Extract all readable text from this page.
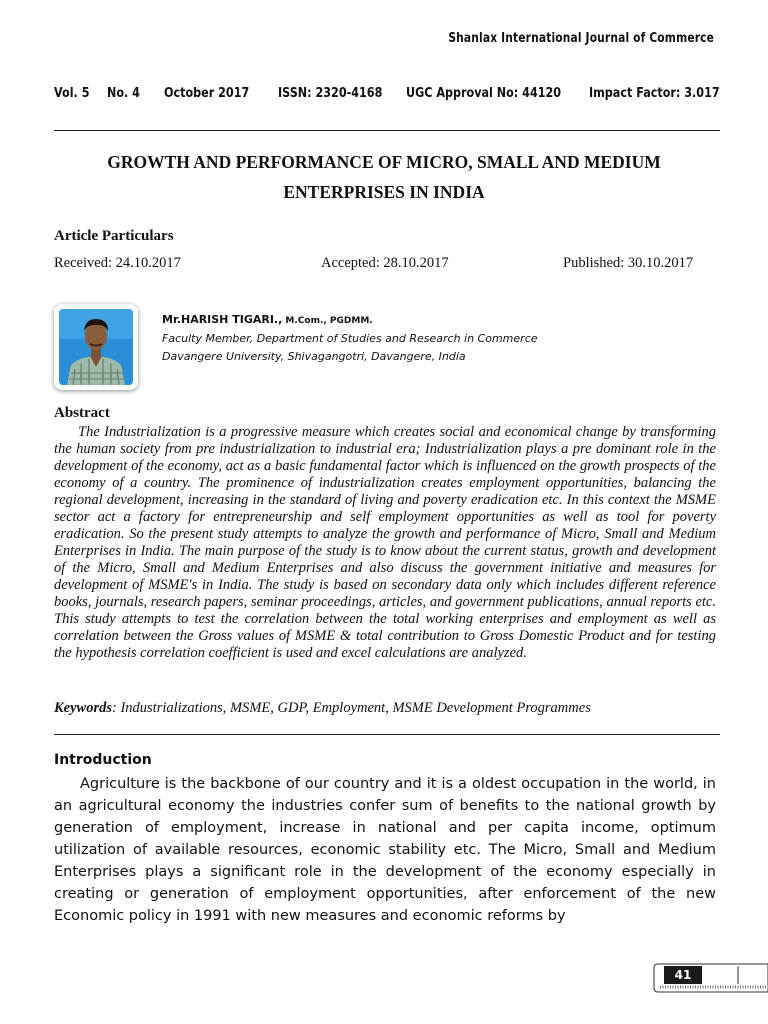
Shanlax International Journal of Commerce
Vol. 5 No. 4 October 2017 ISSN: 2320-4168 UGC Approval No: 44120 Impact Factor: 3.017
GROWTH AND PERFORMANCE OF MICRO, SMALL AND MEDIUM
ENTERPRISES IN INDIA
Article Particulars
Received: 24.10.2017	Accepted: 28.10.2017	Published: 30.10.2017
Mr.HARISH TIGARI., M.Com., PGDMM.
Faculty Member, Department of Studies and Research in Commerce
Davangere University, Shivagangotri, Davangere, India
Abstract
The Industrialization is a progressive measure which creates social and economical change by transforming the human society from pre industrialization to industrial era; Industrialization plays a pre dominant role in the development of the economy, act as a basic fundamental factor which is influenced on the growth prospects of the economy of a country. The prominence of industrialization creates employment opportunities, balancing the regional development, increasing in the standard of living and poverty eradication etc. In this context the MSME sector act a factory for entrepreneurship and self employment opportunities as well as tool for poverty eradication. So the present study attempts to analyze the growth and performance of Micro, Small and Medium Enterprises in India. The main purpose of the study is to know about the current status, growth and development of the Micro, Small and Medium Enterprises and also discuss the government initiative and measures for development of MSME's in India. The study is based on secondary data only which includes different reference books, journals, research papers, seminar proceedings, articles, and government publications, annual reports etc. This study attempts to test the correlation between the total working enterprises and employment as well as correlation between the Gross values of MSME & total contribution to Gross Domestic Product and for testing the hypothesis correlation coefficient is used and excel calculations are analyzed.
Keywords: Industrializations, MSME, GDP, Employment, MSME Development Programmes
Introduction
Agriculture is the backbone of our country and it is a oldest occupation in the world, in an agricultural economy the industries confer sum of benefits to the national growth by generation of employment, increase in national and per capita income, optimum utilization of available resources, economic stability etc. The Micro, Small and Medium Enterprises plays a significant role in the development of the economy especially in creating or generation of employment opportunities, after enforcement of the new Economic policy in 1991 with new measures and economic reforms by
41
